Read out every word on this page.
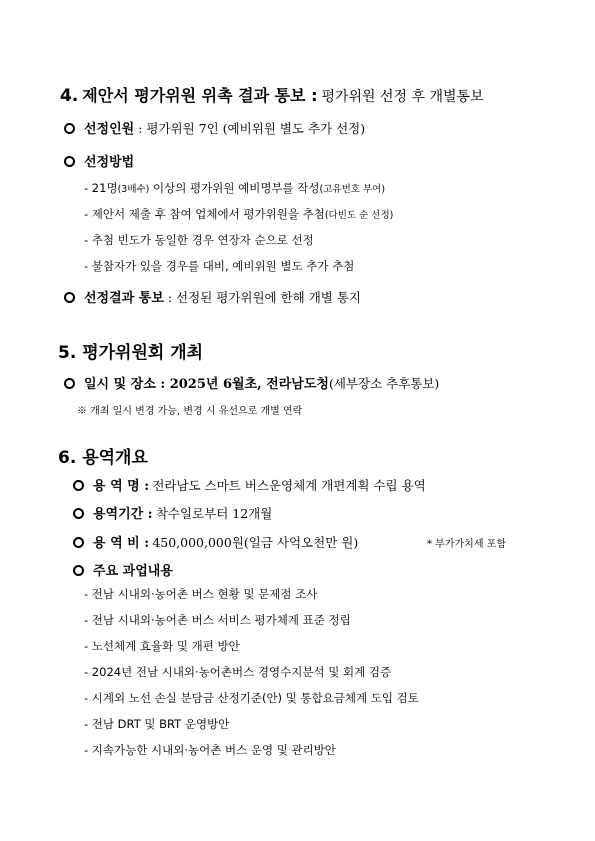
4. 제안서 평가위원 위촉 결과 통보 : 평가위원 선정 후 개별통보
선정인원 : 평가위원 7인 (예비위원 별도 추가 선정)
선정방법
- 21명(3배수) 이상의 평가위원 예비명부를 작성(고유번호 부여)
- 제안서 제출 후 참여 업체에서 평가위원을 추첨(다빈도 순 선정)
- 추첨 빈도가 동일한 경우 연장자 순으로 선정
- 불참자가 있을 경우를 대비, 예비위원 별도 추가 추첨
선정결과 통보 : 선정된 평가위원에 한해 개별 통지
5. 평가위원회 개최
일시 및 장소 : 2025년 6월초, 전라남도청(세부장소 추후통보)
※ 개최 일시 변경 가능, 변경 시 유선으로 개별 연락
6. 용역개요
용 역 명 : 전라남도 스마트 버스운영체계 개편계획 수립 용역
용역기간 : 착수일로부터 12개월
용 역 비 : 450,000,000원(일금 사억오천만 원)	* 부가가치세 포함
주요 과업내용
- 전남 시내외·농어촌 버스 현황 및 문제점 조사
- 전남 시내외·농어촌 버스 서비스 평가체계 표준 정립
- 노선체계 효율화 및 개편 방안
- 2024년 전남 시내외·농어촌버스 경영수지분석 및 회계 검증
- 시계외 노선 손실 분담금 산정기준(안) 및 통합요금체계 도입 검토
- 전남 DRT 및 BRT 운영방안
- 지속가능한 시내외·농어촌 버스 운영 및 관리방안
